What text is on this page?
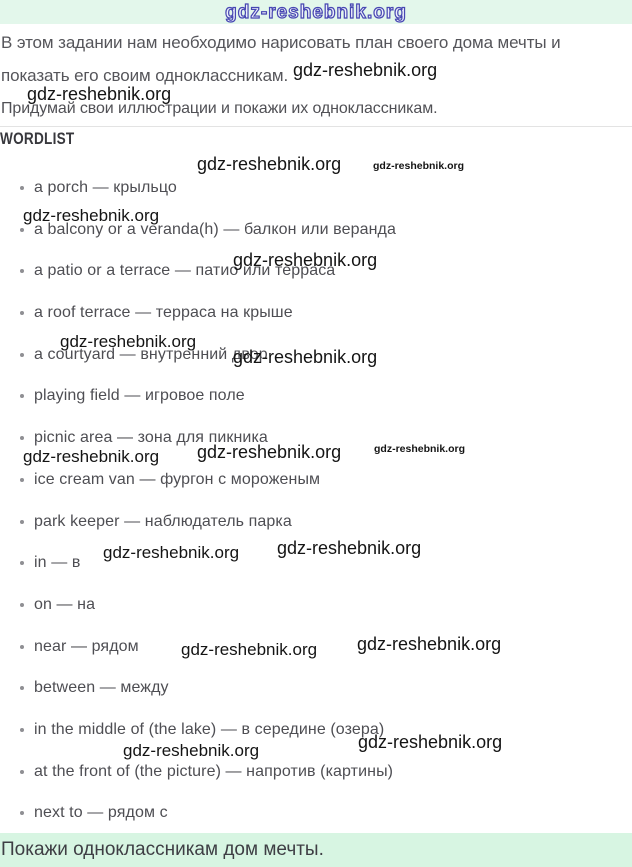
gdz-reshebnik.org
В этом задании нам необходимо нарисовать план своего дома мечты и
показать его своим одноклассникам.
Придумай свои иллюстрации и покажи их одноклассникам.
WORDLIST
a porch — крыльцо
a balcony or a veranda(h) — балкон или веранда
a patio or a terrace — патио или терраса
a roof terrace — терраса на крыше
a courtyard — внутренний двор
playing field — игровое поле
picnic area — зона для пикника
ice cream van — фургон с мороженым
park keeper — наблюдатель парка
in — в
on — на
near — рядом
between — между
in the middle of (the lake) — в середине (озера)
at the front of (the picture) — напротив (картины)
next to — рядом с
gdz-reshebnik.org
gdz-reshebnik.org
gdz-reshebnik.org	gdz-reshebnik.org
gdz-reshebnik.org
gdz-reshebnik.org
gdz-reshebnik.org
gdz-reshebnik.org
gdz-reshebnik.org gdz-reshebnik.org	gdz-reshebnik.org
gdz-reshebnik.org gdz-reshebnik.org
gdz-reshebnik.org gdz-reshebnik.org
gdz-reshebnik.org
gdz-reshebnik.org
Покажи одноклассникам дом мечты.
